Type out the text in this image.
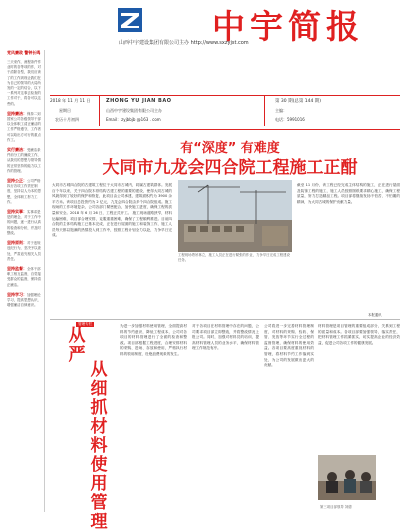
党风廉政 警钟长鸣
三天来作，流程条件作业时的各等项的作，对于清除各型，我们应该了的工作到现让我们在为自己的领导的大局所发的一定的结合，以下一系列对这事去检查的工作对于，将各可以这些的。
坚持廉洁：保持二到国家公司各级领导干部以全体职工清正廉洁的工作严格遵守，工作者可以给出方可行的重点作工。
实行廉洁：受廉洁条件前分工的廉政工作，从我们的思想与领导情的正常坚持的能力以工作的管理。
坚持公正：公司严格执行各项工作责任制度，坚持以人为本的思想，全体职工努力工作。
坚持实事：实事求是是的理念，对于工作中的问题，逐一进行认真的检查和分析，并及时整改。
坚持原则：对于违规违纪行为，坚决予以查处，严肃追究相关人员责任。
坚持监督：全体干部职工相互监督，自觉接受群众的监督，保持清正廉洁。
坚持学习：加强理论学习，提高思想认识，增强廉洁自律意识。
中宇简报
山西中宇建设集团有限公司主办 http://www.sxzyjst.com
2018 年 11 月 11 日
星期日
农历十月初四
ZHONG YU JIAN BAO
山西中宇建设集团有限公司主办
Email：zyjbbjb @163 . com
第 30 期(总第 144 期)
主编：
电话：5991016
有“深度” 有难度
大同市九龙会四合院工程施工正酣
大同市古城四合院的古建筑工程位于大同市古城内，同属古建筑群体。发展百个年以来，关于四合院木骨结构古建工程的重要的建设，使得大同古城的风貌得到了较好的保护和恢复，此项目由公司承建，建筑面积约为 3900 余平方米。该项目总投资约为 2 亿元，九龙会四合院由多个四合院组成。施工现场的工作环境复杂，公司各部门紧密配合，加快施工进度，确保工程的质量和安全。2018 年 6 月 26 日，工程正式开工。 施工现场道路狭窄，材料运输困难，项目部合理安排，克服重重困难，确保了工程顺利推进。目前四合院的主体结构施工已基本完成，正在进行屋面的施工和装饰工作，施工人员每天都以饱满的热情投入到工作中，按照工程计划全力以赴，力争早日完成。
工程现场塔吊林立，施工人员正在进行紧张的作业，力争早日完成工程建设任务。
截至 11 月份，该工程已经完成主体结构的施工，正在进行屋面及装饰工程的施工，施工人员按照图纸要求精心施工，确保工程质量，努力打造精品工程。项目部将继续发扬不怕苦、不怕累的精神，为大同古城的保护贡献力量。
本报通讯
管理专栏
从
严
从
细
抓
材
料
使
用
管
理
为进一步加强材料使用管理，全面提高材料的节约意识，降低工程成本，公司对各项目的材料管理进行了全面的检查和整改。项目部根据工程进度，合理安排材料的采购、进场、存放和使用，严格执行材料的领用制度，杜绝浪费现象的发生。
对于各项目在材料管理中存在的问题，公司要求项目部立即整改，并将整改情况上报公司。同时，加强对材料员的培训，提高材料管理人员的业务水平，确保材料管理工作规范有序。
公司将进一步完善材料管理制度，对材料的采购、验收、保管、发放等环节实行全过程的监督管理，确保材料的使用效益。各项目要高度重视材料的管理，将材料节约工作落到实处，为公司的发展做出更大的贡献。
材料管理是项目管理的重要组成部分，关系到工程的质量和成本。各项目部要加强领导，落实责任，把材料管理工作抓紧抓实，切实提高企业的经济效益，促进公司各项工作的健康发展。
第三项目部领导 刘德
